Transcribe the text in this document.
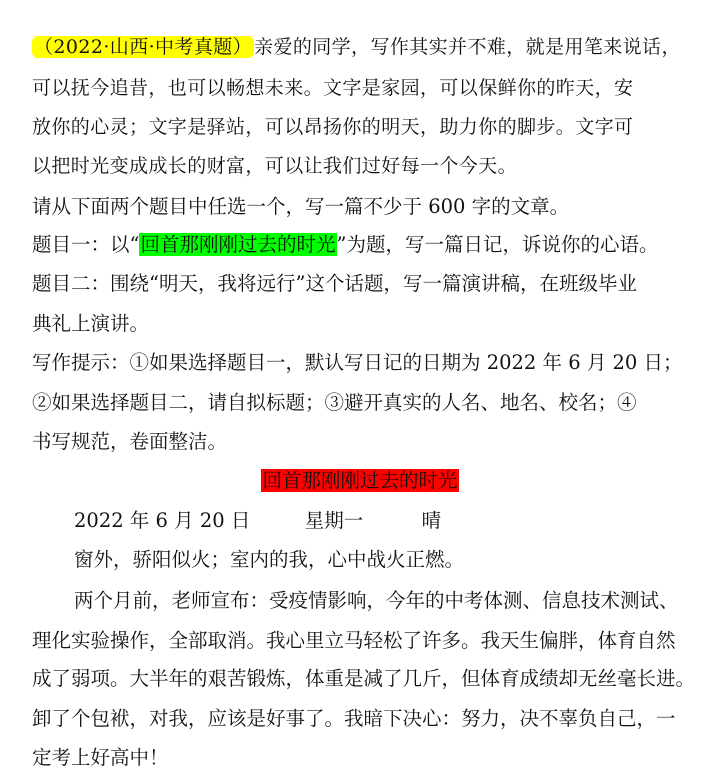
（2022·山西·中考真题） 亲爱的同学，写作其实并不难，就是用笔来说话，
可以抚今追昔，也可以畅想未来。文字是家园，可以保鲜你的昨天，安
放你的心灵；文字是驿站，可以昂扬你的明天，助力你的脚步。文字可
以把时光变成成长的财富，可以让我们过好每一个今天。
请从下面两个题目中任选一个，写一篇不少于 600 字的文章。
题目一：以“回首那刚刚过去的时光”为题，写一篇日记，诉说你的心语。
题目二：围绕“明天，我将远行”这个话题，写一篇演讲稿，在班级毕业
典礼上演讲。
写作提示：①如果选择题目一，默认写日记的日期为 2022 年 6 月 20 日；
②如果选择题目二，请自拟标题；③避开真实的人名、地名、校名；④
书写规范，卷面整洁。
回首那刚刚过去的时光
2022 年 6 月 20 日	星期一	晴
窗外，骄阳似火；室内的我，心中战火正燃。
两个月前，老师宣布：受疫情影响，今年的中考体测、信息技术测试、
理化实验操作，全部取消。我心里立马轻松了许多。我天生偏胖，体育自然
成了弱项。大半年的艰苦锻炼，体重是减了几斤，但体育成绩却无丝毫长进。
卸了个包袱，对我，应该是好事了。我暗下决心：努力，决不辜负自己，一
定考上好高中！
